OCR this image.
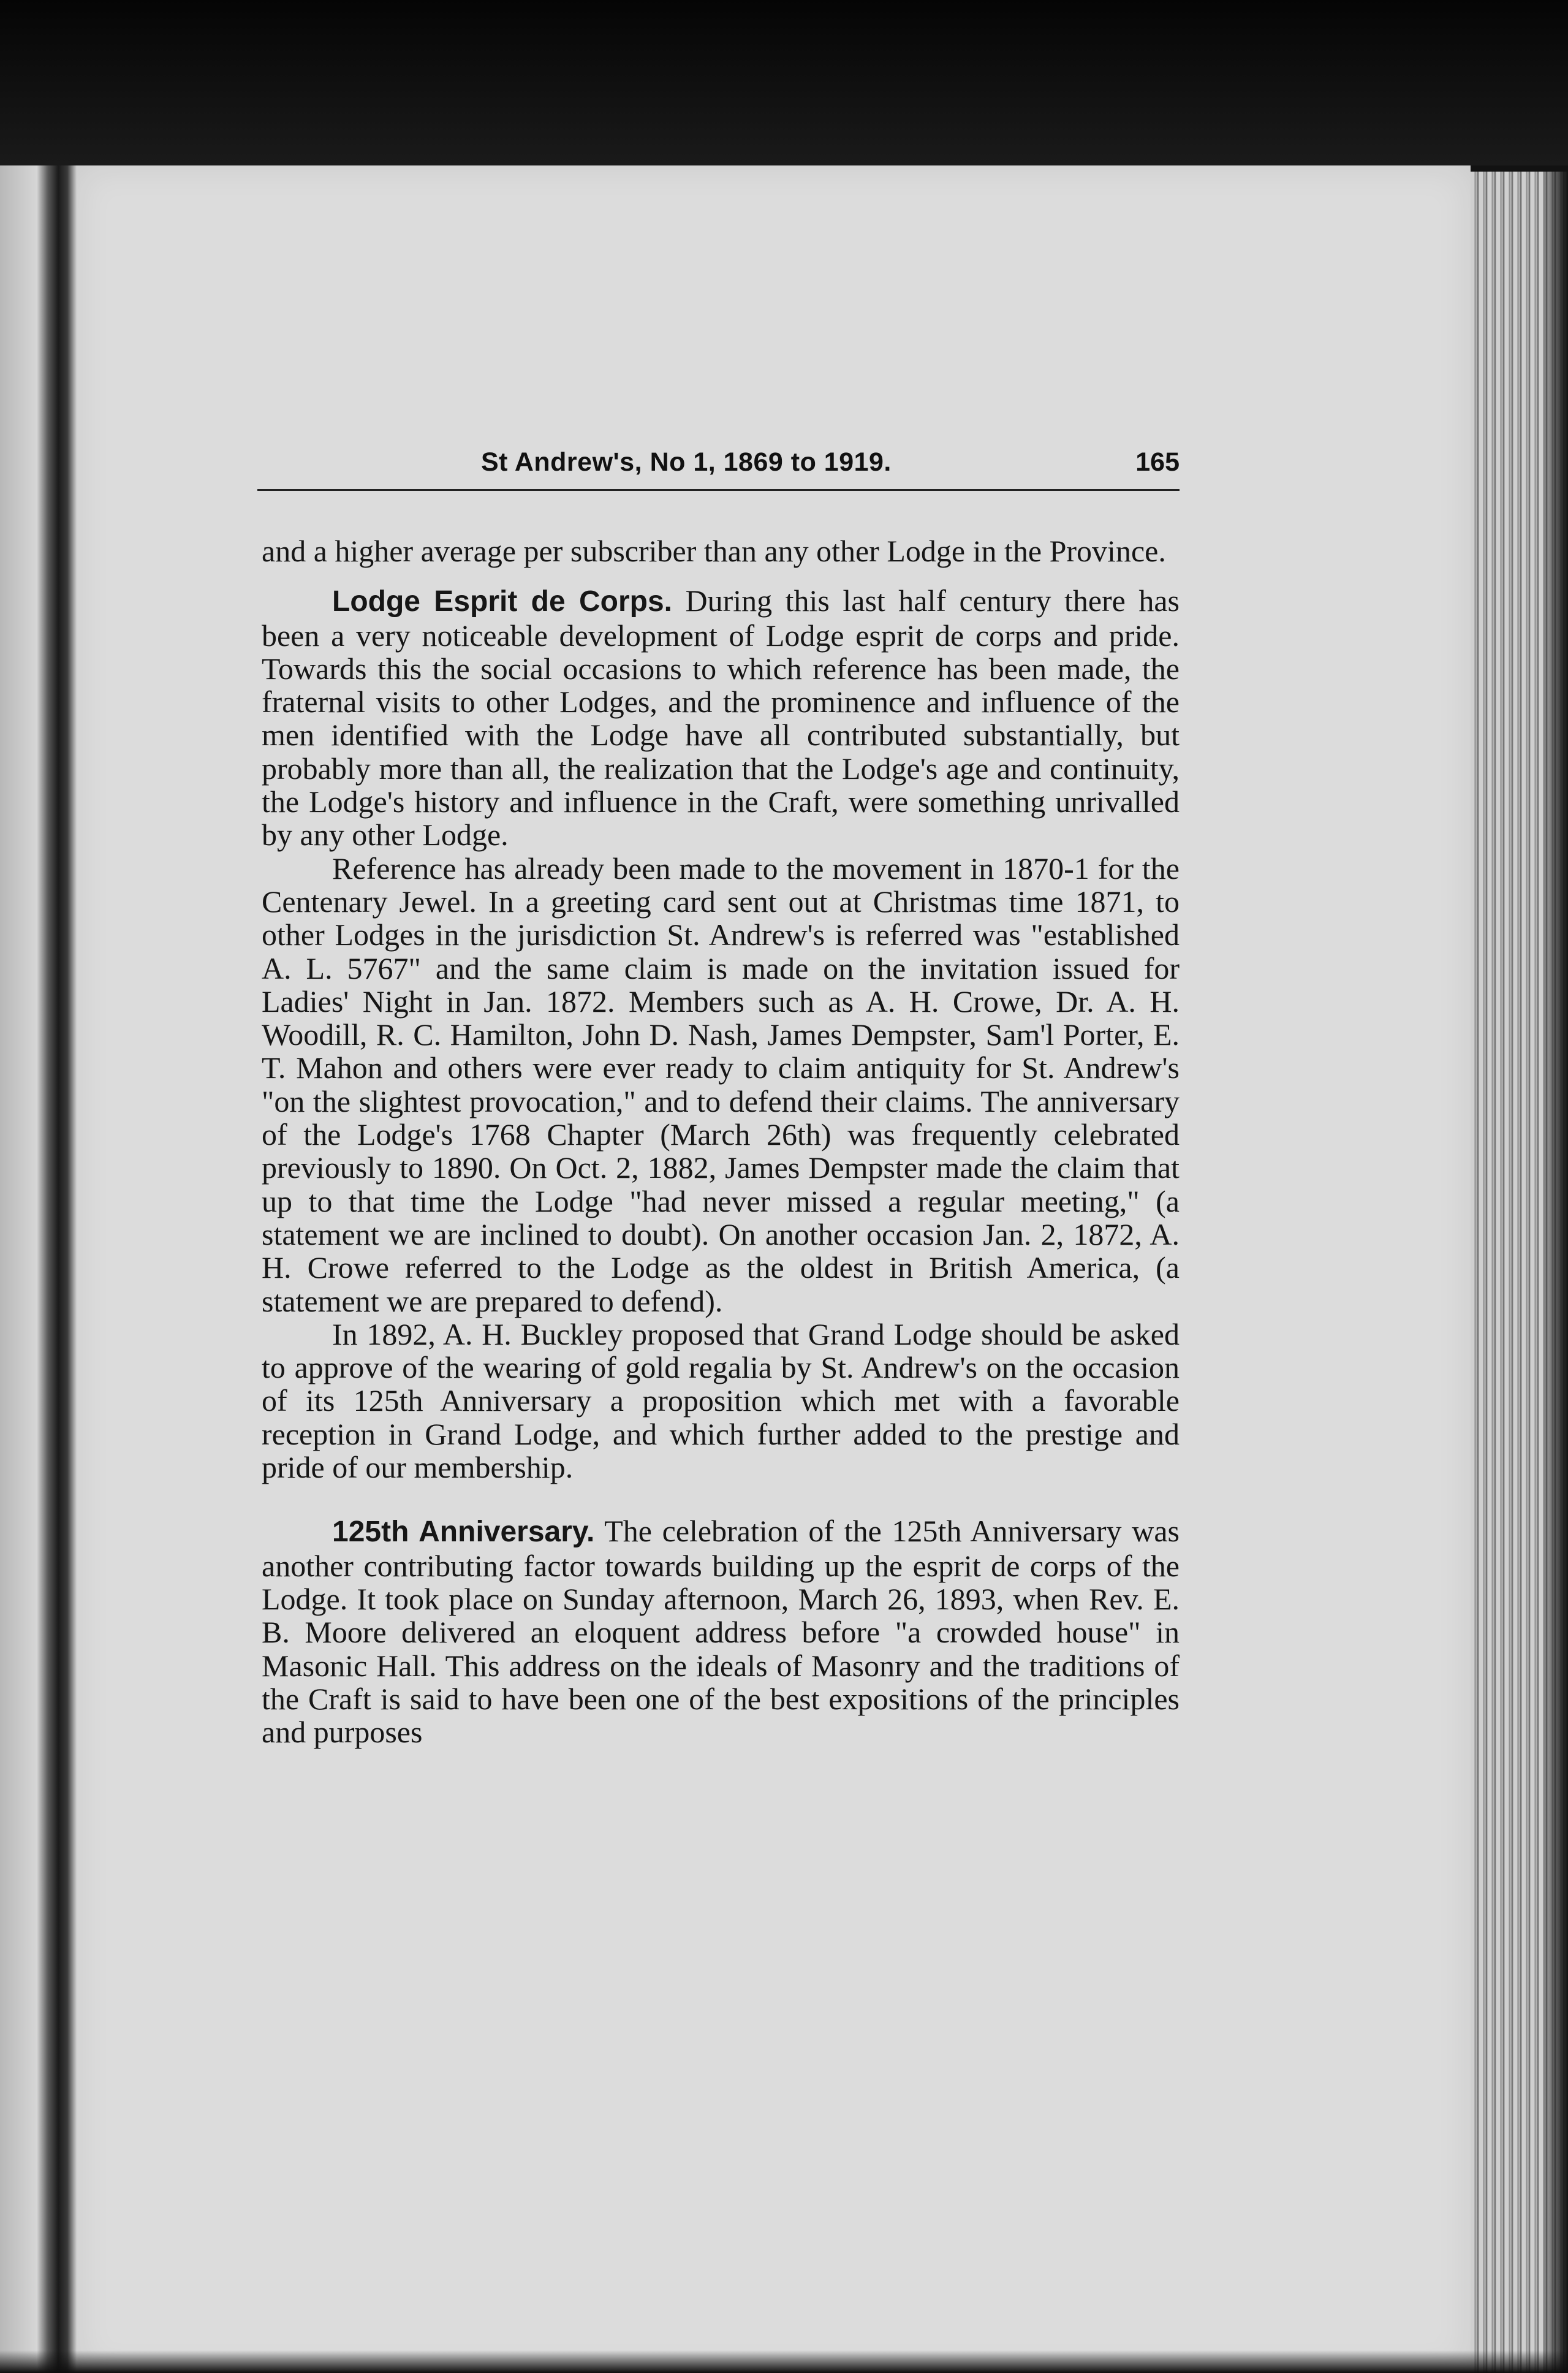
St Andrew's, No 1, 1869 to 1919.	165

and a higher average per subscriber than any other Lodge in the Province.

Lodge Esprit de Corps. During this last half century there has been a very noticeable development of Lodge esprit de corps and pride. Towards this the social occasions to which reference has been made, the fraternal visits to other Lodges, and the prominence and influence of the men identified with the Lodge have all contributed substantially, but probably more than all, the realization that the Lodge's age and continuity, the Lodge's history and influence in the Craft, were something unrivalled by any other Lodge.

Reference has already been made to the movement in 1870-1 for the Centenary Jewel. In a greeting card sent out at Christmas time 1871, to other Lodges in the jurisdiction St. Andrew's is referred was "established A. L. 5767" and the same claim is made on the invitation issued for Ladies' Night in Jan. 1872. Members such as A. H. Crowe, Dr. A. H. Woodill, R. C. Hamilton, John D. Nash, James Dempster, Sam'l Porter, E. T. Mahon and others were ever ready to claim antiquity for St. Andrew's "on the slightest provocation," and to defend their claims. The anniversary of the Lodge's 1768 Chapter (March 26th) was frequently celebrated previously to 1890. On Oct. 2, 1882, James Dempster made the claim that up to that time the Lodge "had never missed a regular meeting," (a statement we are inclined to doubt). On another occasion Jan. 2, 1872, A. H. Crowe referred to the Lodge as the oldest in British America, (a statement we are prepared to defend).

In 1892, A. H. Buckley proposed that Grand Lodge should be asked to approve of the wearing of gold regalia by St. Andrew's on the occasion of its 125th Anniversary a proposition which met with a favorable reception in Grand Lodge, and which further added to the prestige and pride of our membership.

125th Anniversary. The celebration of the 125th Anniversary was another contributing factor towards building up the esprit de corps of the Lodge. It took place on Sunday afternoon, March 26, 1893, when Rev. E. B. Moore delivered an eloquent address before "a crowded house" in Masonic Hall. This address on the ideals of Masonry and the traditions of the Craft is said to have been one of the best expositions of the principles and purposes
